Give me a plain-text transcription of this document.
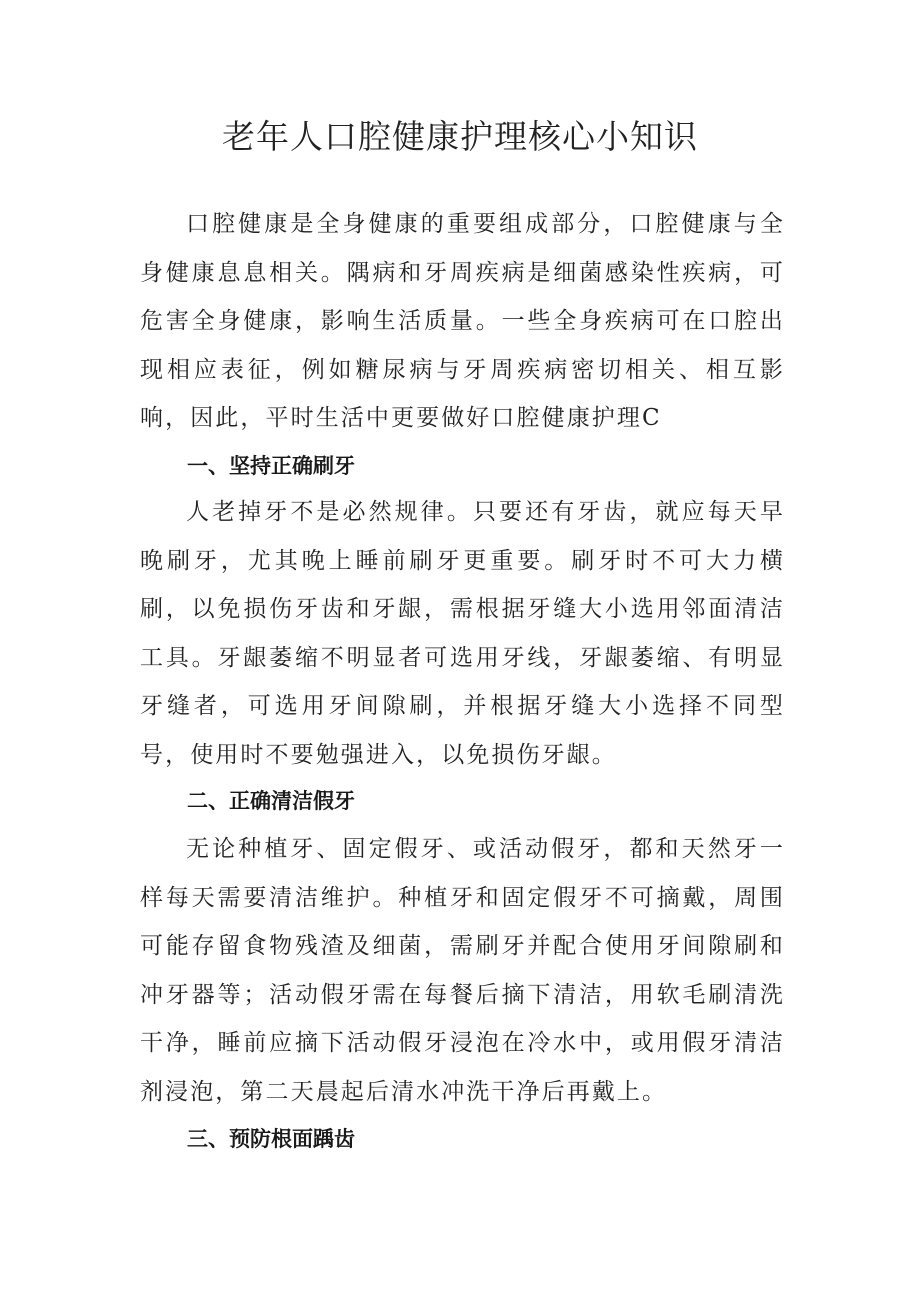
老年人口腔健康护理核心小知识

口腔健康是全身健康的重要组成部分，口腔健康与全身健康息息相关。隅病和牙周疾病是细菌感染性疾病，可危害全身健康，影响生活质量。一些全身疾病可在口腔出现相应表征，例如糖尿病与牙周疾病密切相关、相互影响，因此，平时生活中更要做好口腔健康护理C

一、坚持正确刷牙

人老掉牙不是必然规律。只要还有牙齿，就应每天早晚刷牙，尤其晚上睡前刷牙更重要。刷牙时不可大力横刷，以免损伤牙齿和牙龈，需根据牙缝大小选用邻面清洁工具。牙龈萎缩不明显者可选用牙线，牙龈萎缩、有明显牙缝者，可选用牙间隙刷，并根据牙缝大小选择不同型号，使用时不要勉强进入，以免损伤牙龈。

二、正确清洁假牙

无论种植牙、固定假牙、或活动假牙，都和天然牙一样每天需要清洁维护。种植牙和固定假牙不可摘戴，周围可能存留食物残渣及细菌，需刷牙并配合使用牙间隙刷和冲牙器等；活动假牙需在每餐后摘下清洁，用软毛刷清洗干净，睡前应摘下活动假牙浸泡在冷水中，或用假牙清洁剂浸泡，第二天晨起后清水冲洗干净后再戴上。

三、预防根面踽齿
